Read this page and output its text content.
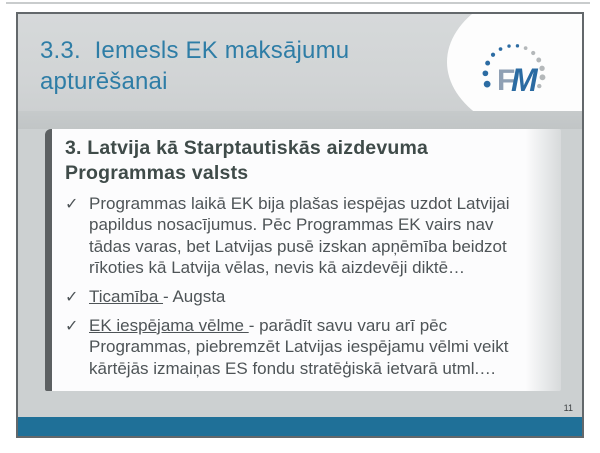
F
M
3.3.  Iemesls EK maksājumu apturēšanai
3. Latvija kā Starptautiskās aizdevuma Programmas valsts
✓ Programmas laikā EK bija plašas iespējas uzdot Latvijai papildus nosacījumus. Pēc Programmas EK vairs nav tādas varas, bet Latvijas pusē izskan apņēmība beidzot rīkoties kā Latvija vēlas, nevis kā aizdevēji diktē…
✓ Ticamība - Augsta
✓ EK iespējama vēlme - parādīt savu varu arī pēc Programmas, piebremzēt Latvijas iespējamu vēlmi veikt kārtējās izmaiņas ES fondu stratēģiskā ietvarā utml.…
11
